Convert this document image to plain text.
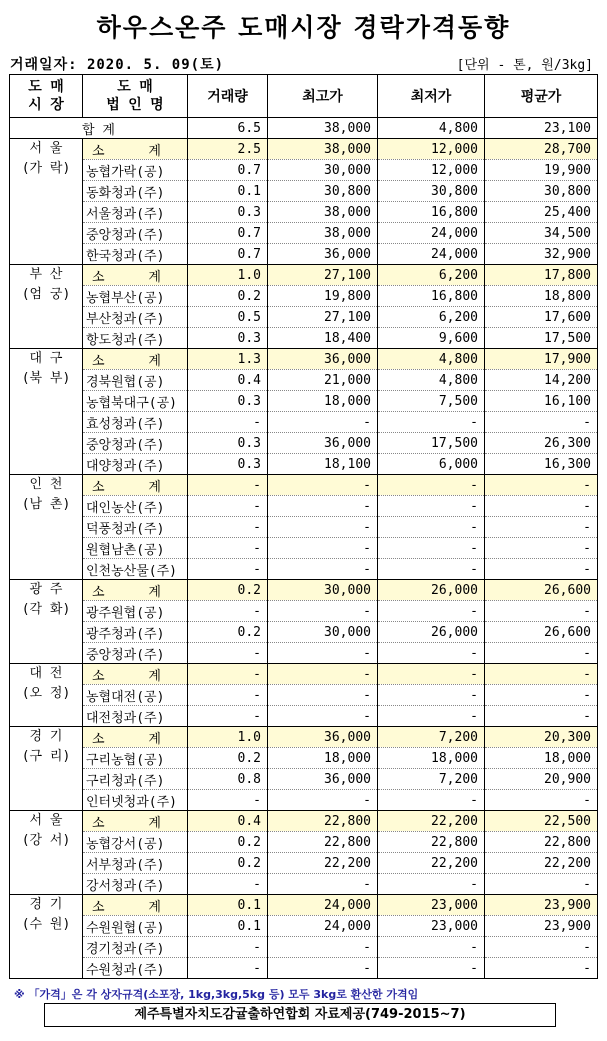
하우스온주 도매시장 경락가격동향
거래일자: 2020. 5. 09(토)	[단위 - 톤, 원/3kg]
도 매
시 장	도 매
법 인 명	거래량	최고가	최저가	평균가
합 계		6.5	38,000	4,800	23,100

서 울
(가 락)	소 계	2.5	38,000	12,000	28,700
	농협가락(공)	0.7	30,000	12,000	19,900
	동화청과(주)	0.1	30,800	30,800	30,800
	서울청과(주)	0.3	38,000	16,800	25,400
	중앙청과(주)	0.7	38,000	24,000	34,500
	한국청과(주)	0.7	36,000	24,000	32,900

부 산
(엄 궁)	소 계	1.0	27,100	6,200	17,800
	농협부산(공)	0.2	19,800	16,800	18,800
	부산청과(주)	0.5	27,100	6,200	17,600
	항도청과(주)	0.3	18,400	9,600	17,500

대 구
(북 부)	소 계	1.3	36,000	4,800	17,900
	경북원협(공)	0.4	21,000	4,800	14,200
	농협북대구(공)	0.3	18,000	7,500	16,100
	효성청과(주)	-	-	-	-
	중앙청과(주)	0.3	36,000	17,500	26,300
	대양청과(주)	0.3	18,100	6,000	16,300

인 천
(남 촌)	소 계	-	-	-	-
	대인농산(주)	-	-	-	-
	덕풍청과(주)	-	-	-	-
	원협남촌(공)	-	-	-	-
	인천농산물(주)	-	-	-	-

광 주
(각 화)	소 계	0.2	30,000	26,000	26,600
	광주원협(공)	-	-	-	-
	광주청과(주)	0.2	30,000	26,000	26,600
	중앙청과(주)	-	-	-	-

대 전
(오 정)	소 계	-	-	-	-
	농협대전(공)	-	-	-	-
	대전청과(주)	-	-	-	-

경 기
(구 리)	소 계	1.0	36,000	7,200	20,300
	구리농협(공)	0.2	18,000	18,000	18,000
	구리청과(주)	0.8	36,000	7,200	20,900
	인터넷청과(주)	-	-	-	-

서 울
(강 서)	소 계	0.4	22,800	22,200	22,500
	농협강서(공)	0.2	22,800	22,800	22,800
	서부청과(주)	0.2	22,200	22,200	22,200
	강서청과(주)	-	-	-	-

경 기
(수 원)	소 계	0.1	24,000	23,000	23,900
	수원원협(공)	0.1	24,000	23,000	23,900
	경기청과(주)	-	-	-	-
	수원청과(주)	-	-	-	-
※ 「가격」은 각 상자규격(소포장, 1kg,3kg,5kg 등) 모두 3kg로 환산한 가격임
제주특별자치도감귤출하연합회 자료제공(749-2015~7)
